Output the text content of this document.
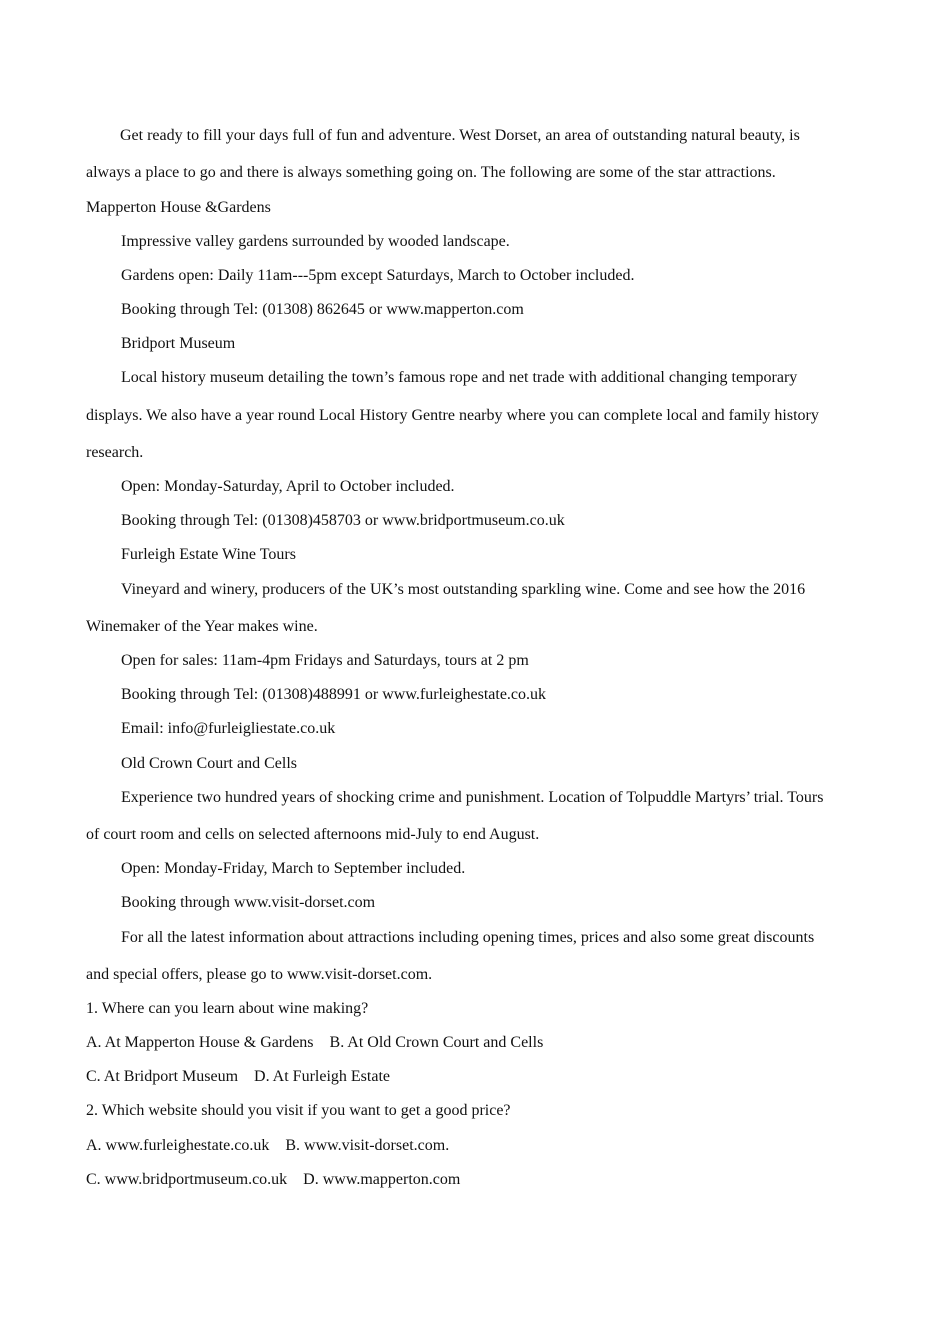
Get ready to fill your days full of fun and adventure. West Dorset, an area of outstanding natural beauty, is
always a place to go and there is always something going on. The following are some of the star attractions.
Mapperton House &Gardens
Impressive valley gardens surrounded by wooded landscape.
Gardens open: Daily 11am---5pm except Saturdays, March to October included.
Booking through Tel: (01308) 862645 or www.mapperton.com
Bridport Museum
Local history museum detailing the town’s famous rope and net trade with additional changing temporary
displays. We also have a year round Local History Gentre nearby where you can complete local and family history
research.
Open: Monday-Saturday, April to October included.
Booking through Tel: (01308)458703 or www.bridportmuseum.co.uk
Furleigh Estate Wine Tours
Vineyard and winery, producers of the UK’s most outstanding sparkling wine. Come and see how the 2016
Winemaker of the Year makes wine.
Open for sales: 11am-4pm Fridays and Saturdays, tours at 2 pm
Booking through Tel: (01308)488991 or www.furleighestate.co.uk
Email: info@furleigliestate.co.uk
Old Crown Court and Cells
Experience two hundred years of shocking crime and punishment. Location of Tolpuddle Martyrs’ trial. Tours
of court room and cells on selected afternoons mid-July to end August.
Open: Monday-Friday, March to September included.
Booking through www.visit-dorset.com
For all the latest information about attractions including opening times, prices and also some great discounts
and special offers, please go to www.visit-dorset.com.
1. Where can you learn about wine making?
A. At Mapperton House & Gardens    B. At Old Crown Court and Cells
C. At Bridport Museum    D. At Furleigh Estate
2. Which website should you visit if you want to get a good price?
A. www.furleighestate.co.uk    B. www.visit-dorset.com.
C. www.bridportmuseum.co.uk    D. www.mapperton.com
